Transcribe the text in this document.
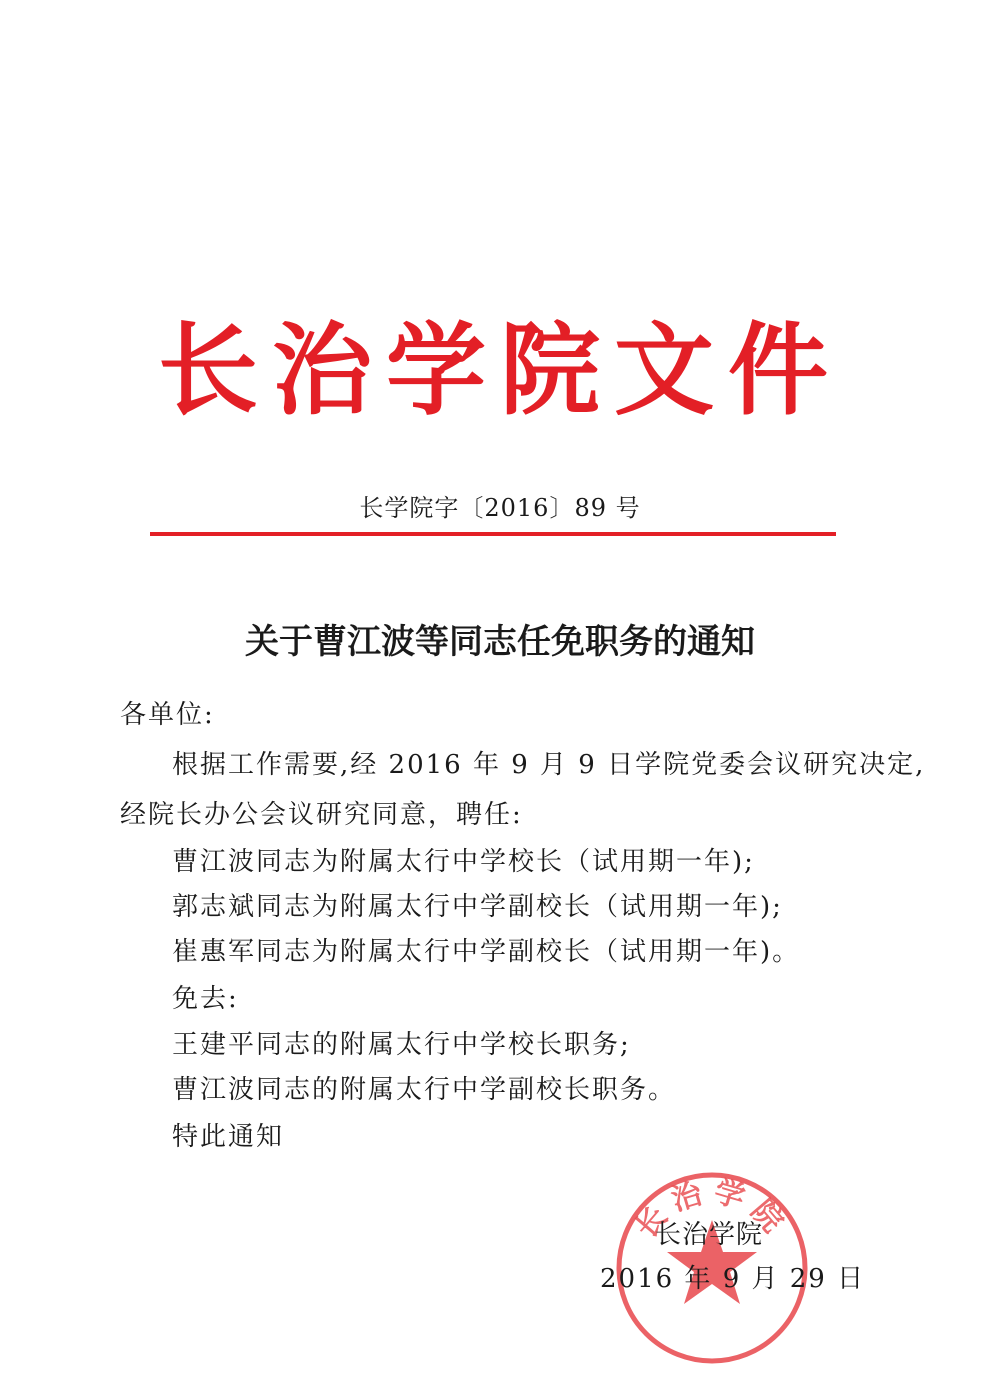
长治学院文件
长学院字〔2016〕89 号
关于曹江波等同志任免职务的通知
各单位:
根据工作需要,经 2016 年 9 月 9 日学院党委会议研究决定,
经院长办公会议研究同意，聘任:
曹江波同志为附属太行中学校长（试用期一年);
郭志斌同志为附属太行中学副校长（试用期一年);
崔惠军同志为附属太行中学副校长（试用期一年)。
免去:
王建平同志的附属太行中学校长职务;
曹江波同志的附属太行中学副校长职务。
特此通知
长治学院
长治学院
2016 年 9 月 29 日
